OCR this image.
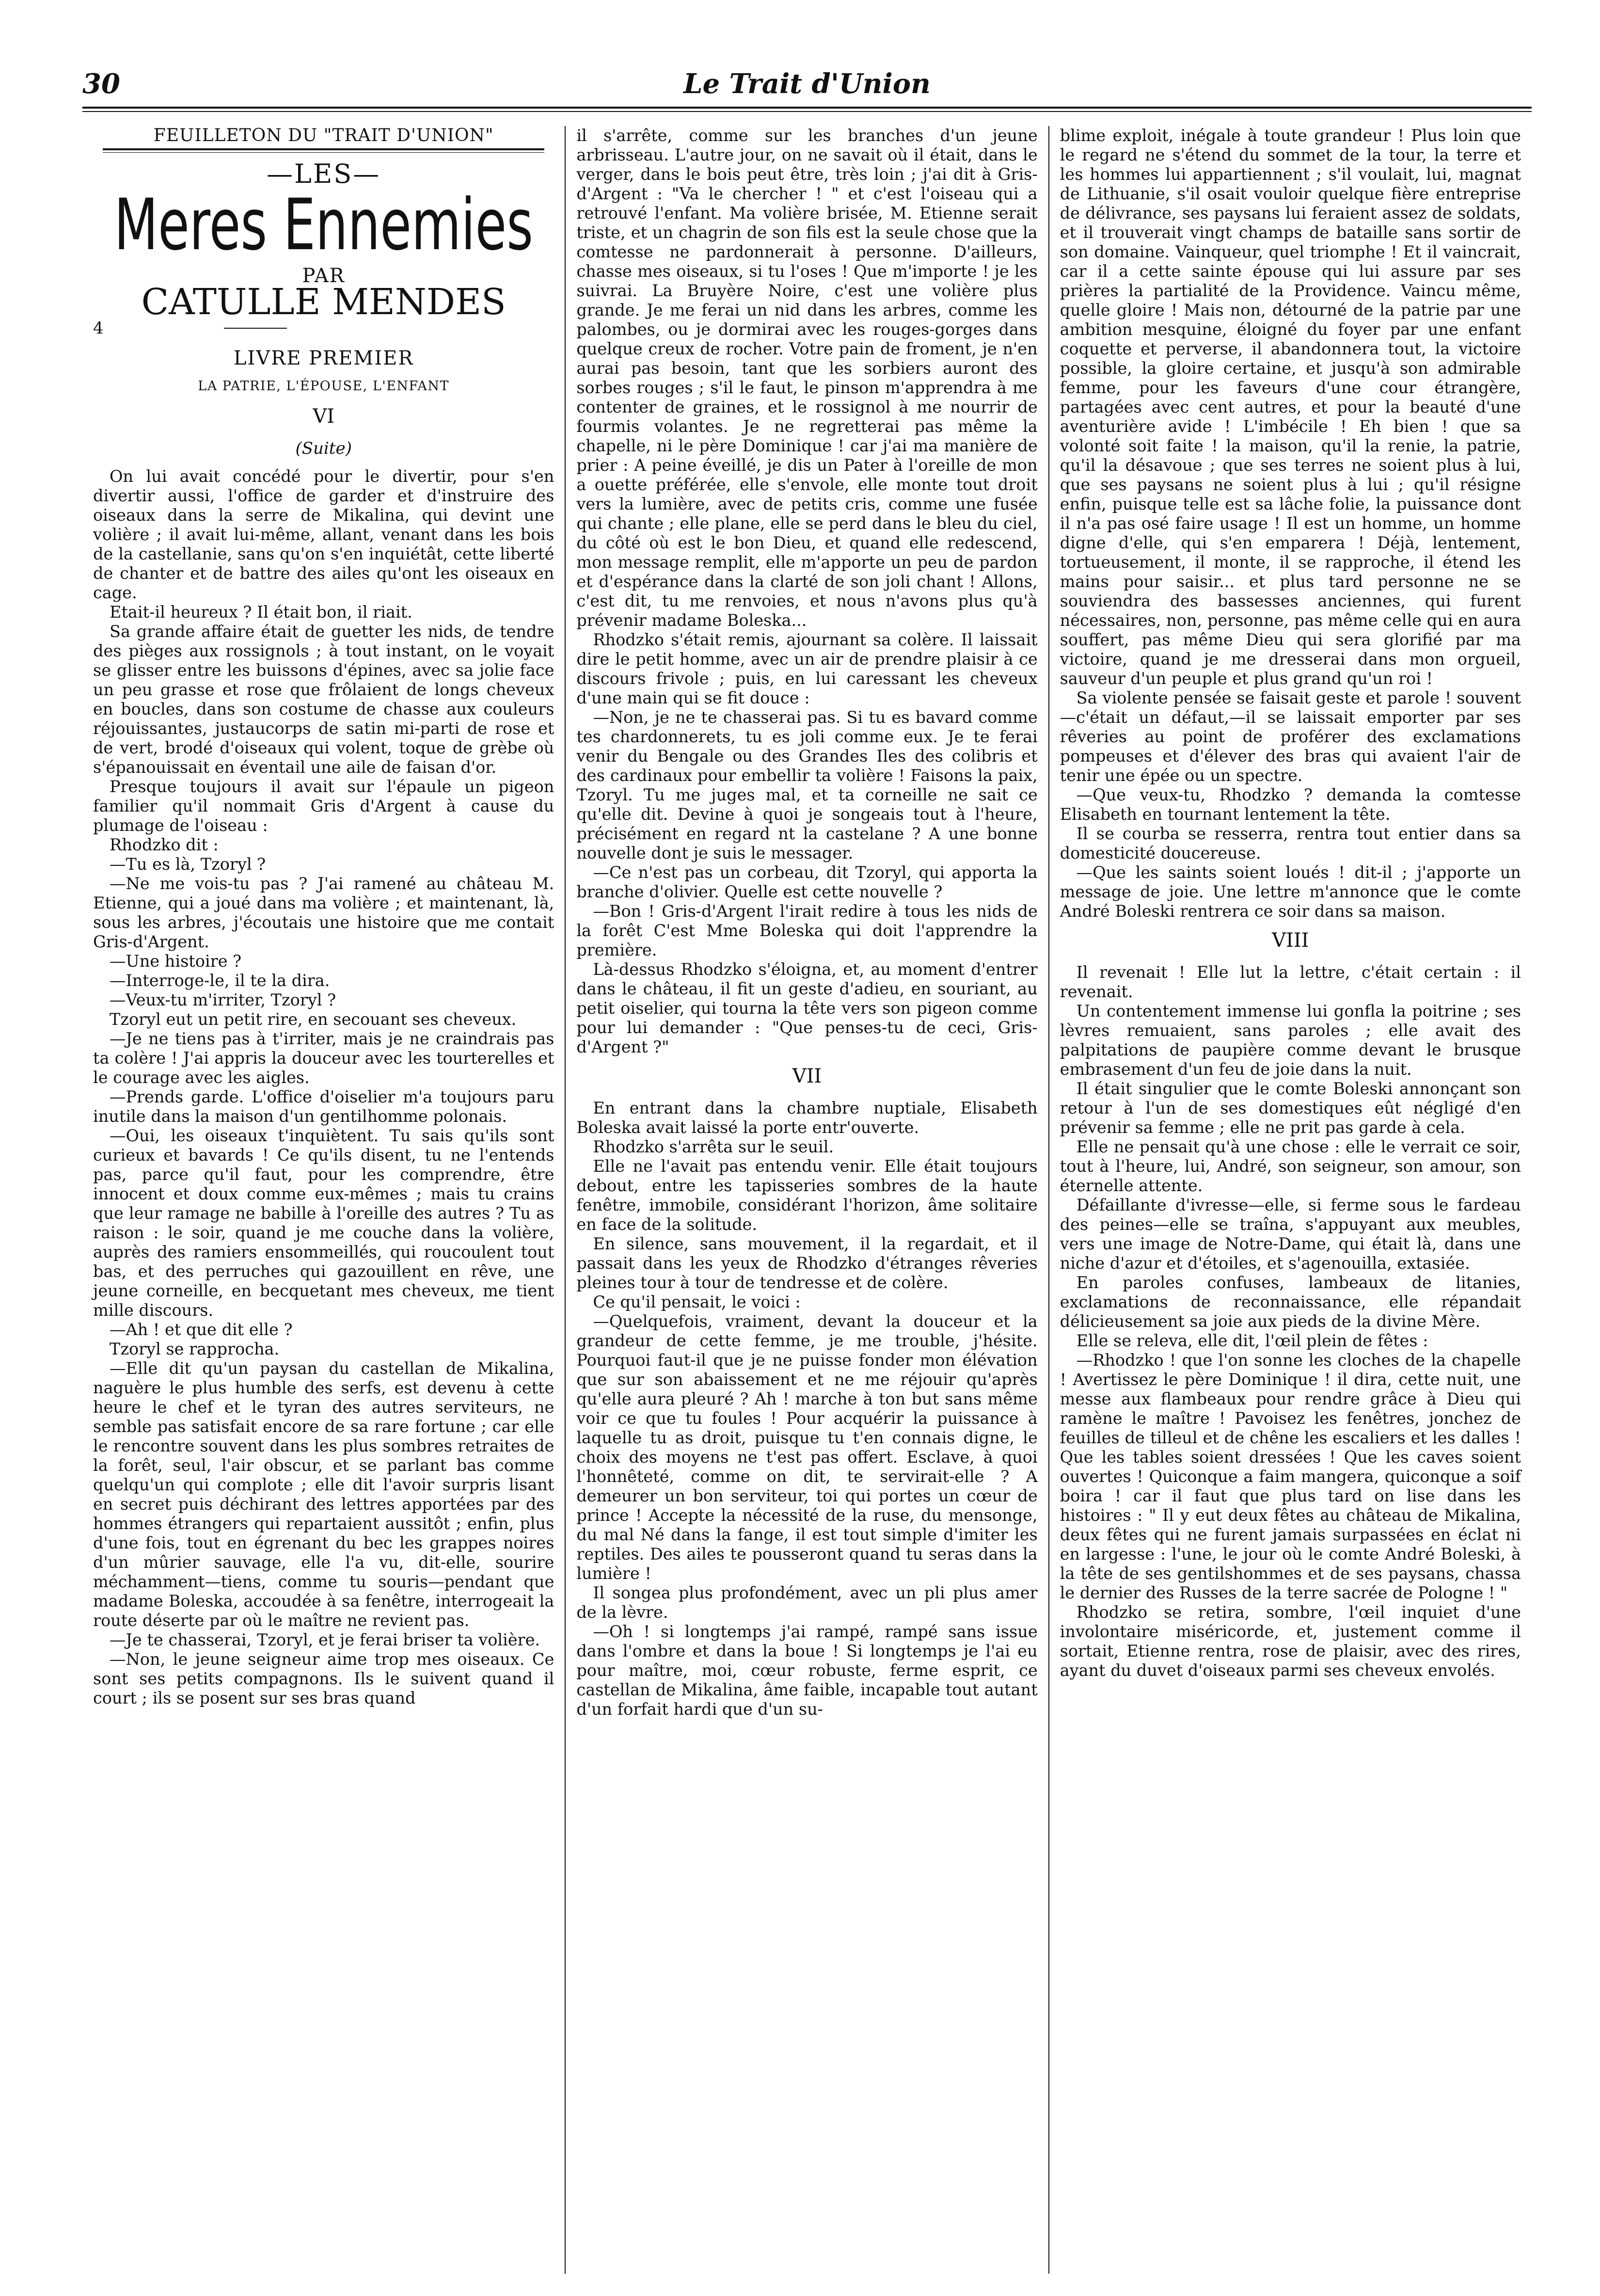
30	Le Trait d'Union
FEUILLETON DU "TRAIT D'UNION"
—LES—
Meres Ennemies
PAR
CATULLE MENDES
4
LIVRE PREMIER
LA PATRIE, L'ÉPOUSE, L'ENFANT
VI
(Suite)

On lui avait concédé pour le divertir, pour s'en divertir aussi, l'office de garder et d'instruire des oiseaux dans la serre de Mikalina, qui devint une volière ; il avait lui-même, allant, venant dans les bois de la castellanie, sans qu'on s'en inquiétât, cette liberté de chanter et de battre des ailes qu'ont les oiseaux en cage.

Etait-il heureux ? Il était bon, il riait.

Sa grande affaire était de guetter les nids, de tendre des pièges aux rossignols ; à tout instant, on le voyait se glisser entre les buissons d'épines, avec sa jolie face un peu grasse et rose que frôlaient de longs cheveux en boucles, dans son costume de chasse aux couleurs réjouissantes, justaucorps de satin mi-parti de rose et de vert, brodé d'oiseaux qui volent, toque de grèbe où s'épanouissait en éventail une aile de faisan d'or.

Presque toujours il avait sur l'épaule un pigeon familier qu'il nommait Gris d'Argent à cause du plumage de l'oiseau :

Rhodzko dit :

—Tu es là, Tzoryl ?

—Ne me vois-tu pas ? J'ai ramené au château M. Etienne, qui a joué dans ma volière ; et maintenant, là, sous les arbres, j'écoutais une histoire que me contait Gris-d'Argent.

—Une histoire ?

—Interroge-le, il te la dira.

—Veux-tu m'irriter, Tzoryl ?

Tzoryl eut un petit rire, en secouant ses cheveux.

—Je ne tiens pas à t'irriter, mais je ne craindrais pas ta colère ! J'ai appris la douceur avec les tourterelles et le courage avec les aigles.

—Prends garde. L'office d'oiselier m'a toujours paru inutile dans la maison d'un gentilhomme polonais.

—Oui, les oiseaux t'inquiètent. Tu sais qu'ils sont curieux et bavards ! Ce qu'ils disent, tu ne l'entends pas, parce qu'il faut, pour les comprendre, être innocent et doux comme eux-mêmes ; mais tu crains que leur ramage ne babille à l'oreille des autres ? Tu as raison : le soir, quand je me couche dans la volière, auprès des ramiers ensommeillés, qui roucoulent tout bas, et des perruches qui gazouillent en rêve, une jeune corneille, en becquetant mes cheveux, me tient mille discours.

—Ah ! et que dit elle ?

Tzoryl se rapprocha.

—Elle dit qu'un paysan du castellan de Mikalina, naguère le plus humble des serfs, est devenu à cette heure le chef et le tyran des autres serviteurs, ne semble pas satisfait encore de sa rare fortune ; car elle le rencontre souvent dans les plus sombres retraites de la forêt, seul, l'air obscur, et se parlant bas comme quelqu'un qui complote ; elle dit l'avoir surpris lisant en secret puis déchirant des lettres apportées par des hommes étrangers qui repartaient aussitôt ; enfin, plus d'une fois, tout en égrenant du bec les grappes noires d'un mûrier sauvage, elle l'a vu, dit-elle, sourire méchamment—tiens, comme tu souris—pendant que madame Boleska, accoudée à sa fenêtre, interrogeait la route déserte par où le maître ne revient pas.

—Je te chasserai, Tzoryl, et je ferai briser ta volière.

—Non, le jeune seigneur aime trop mes oiseaux. Ce sont ses petits compagnons. Ils le suivent quand il court ; ils se posent sur ses bras quand

il s'arrête, comme sur les branches d'un jeune arbrisseau. L'autre jour, on ne savait où il était, dans le verger, dans le bois peut être, très loin ; j'ai dit à Gris-d'Argent : "Va le chercher ! " et c'est l'oiseau qui a retrouvé l'enfant. Ma volière brisée, M. Etienne serait triste, et un chagrin de son fils est la seule chose que la comtesse ne pardonnerait à personne. D'ailleurs, chasse mes oiseaux, si tu l'oses ! Que m'importe ! je les suivrai. La Bruyère Noire, c'est une volière plus grande. Je me ferai un nid dans les arbres, comme les palombes, ou je dormirai avec les rouges-gorges dans quelque creux de rocher. Votre pain de froment, je n'en aurai pas besoin, tant que les sorbiers auront des sorbes rouges ; s'il le faut, le pinson m'apprendra à me contenter de graines, et le rossignol à me nourrir de fourmis volantes. Je ne regretterai pas même la chapelle, ni le père Dominique ! car j'ai ma manière de prier : A peine éveillé, je dis un Pater à l'oreille de mon a ouette préférée, elle s'envole, elle monte tout droit vers la lumière, avec de petits cris, comme une fusée qui chante ; elle plane, elle se perd dans le bleu du ciel, du côté où est le bon Dieu, et quand elle redescend, mon message remplit, elle m'apporte un peu de pardon et d'espérance dans la clarté de son joli chant ! Allons, c'est dit, tu me renvoies, et nous n'avons plus qu'à prévenir madame Boleska...

Rhodzko s'était remis, ajournant sa colère. Il laissait dire le petit homme, avec un air de prendre plaisir à ce discours frivole ; puis, en lui caressant les cheveux d'une main qui se fit douce :

—Non, je ne te chasserai pas. Si tu es bavard comme tes chardonnerets, tu es joli comme eux. Je te ferai venir du Bengale ou des Grandes Iles des colibris et des cardinaux pour embellir ta volière ! Faisons la paix, Tzoryl. Tu me juges mal, et ta corneille ne sait ce qu'elle dit. Devine à quoi je songeais tout à l'heure, précisément en regard nt la castelane ? A une bonne nouvelle dont je suis le messager.

—Ce n'est pas un corbeau, dit Tzoryl, qui apporta la branche d'olivier. Quelle est cette nouvelle ?

—Bon ! Gris-d'Argent l'irait redire à tous les nids de la forêt C'est Mme Boleska qui doit l'apprendre la première.

Là-dessus Rhodzko s'éloigna, et, au moment d'entrer dans le château, il fit un geste d'adieu, en souriant, au petit oiselier, qui tourna la tête vers son pigeon comme pour lui demander : "Que penses-tu de ceci, Gris-d'Argent ?"

VII

En entrant dans la chambre nuptiale, Elisabeth Boleska avait laissé la porte entr'ouverte.

Rhodzko s'arrêta sur le seuil.

Elle ne l'avait pas entendu venir. Elle était toujours debout, entre les tapisseries sombres de la haute fenêtre, immobile, considérant l'horizon, âme solitaire en face de la solitude.

En silence, sans mouvement, il la regardait, et il passait dans les yeux de Rhodzko d'étranges rêveries pleines tour à tour de tendresse et de colère.

Ce qu'il pensait, le voici :

—Quelquefois, vraiment, devant la douceur et la grandeur de cette femme, je me trouble, j'hésite. Pourquoi faut-il que je ne puisse fonder mon élévation que sur son abaissement et ne me réjouir qu'après qu'elle aura pleuré ? Ah ! marche à ton but sans même voir ce que tu foules ! Pour acquérir la puissance à laquelle tu as droit, puisque tu t'en connais digne, le choix des moyens ne t'est pas offert. Esclave, à quoi l'honnêteté, comme on dit, te servirait-elle ? A demeurer un bon serviteur, toi qui portes un cœur de prince ! Accepte la nécessité de la ruse, du mensonge, du mal Né dans la fange, il est tout simple d'imiter les reptiles. Des ailes te pousseront quand tu seras dans la lumière !

Il songea plus profondément, avec un pli plus amer de la lèvre.

—Oh ! si longtemps j'ai rampé, rampé sans issue dans l'ombre et dans la boue ! Si longtemps je l'ai eu pour maître, moi, cœur robuste, ferme esprit, ce castellan de Mikalina, âme faible, incapable tout autant d'un forfait hardi que d'un su-

blime exploit, inégale à toute grandeur ! Plus loin que le regard ne s'étend du sommet de la tour, la terre et les hommes lui appartiennent ; s'il voulait, lui, magnat de Lithuanie, s'il osait vouloir quelque fière entreprise de délivrance, ses paysans lui feraient assez de soldats, et il trouverait vingt champs de bataille sans sortir de son domaine. Vainqueur, quel triomphe ! Et il vaincrait, car il a cette sainte épouse qui lui assure par ses prières la partialité de la Providence. Vaincu même, quelle gloire ! Mais non, détourné de la patrie par une ambition mesquine, éloigné du foyer par une enfant coquette et perverse, il abandonnera tout, la victoire possible, la gloire certaine, et jusqu'à son admirable femme, pour les faveurs d'une cour étrangère, partagées avec cent autres, et pour la beauté d'une aventurière avide ! L'imbécile ! Eh bien ! que sa volonté soit faite ! la maison, qu'il la renie, la patrie, qu'il la désavoue ; que ses terres ne soient plus à lui, que ses paysans ne soient plus à lui ; qu'il résigne enfin, puisque telle est sa lâche folie, la puissance dont il n'a pas osé faire usage ! Il est un homme, un homme digne d'elle, qui s'en emparera ! Déjà, lentement, tortueusement, il monte, il se rapproche, il étend les mains pour saisir... et plus tard personne ne se souviendra des bassesses anciennes, qui furent nécessaires, non, personne, pas même celle qui en aura souffert, pas même Dieu qui sera glorifié par ma victoire, quand je me dresserai dans mon orgueil, sauveur d'un peuple et plus grand qu'un roi !

Sa violente pensée se faisait geste et parole ! souvent—c'était un défaut,—il se laissait emporter par ses rêveries au point de proférer des exclamations pompeuses et d'élever des bras qui avaient l'air de tenir une épée ou un spectre.

—Que veux-tu, Rhodzko ? demanda la comtesse Elisabeth en tournant lentement la tête.

Il se courba se resserra, rentra tout entier dans sa domesticité doucereuse.

—Que les saints soient loués ! dit-il ; j'apporte un message de joie. Une lettre m'annonce que le comte André Boleski rentrera ce soir dans sa maison.

VIII

Il revenait ! Elle lut la lettre, c'était certain : il revenait.

Un contentement immense lui gonfla la poitrine ; ses lèvres remuaient, sans paroles ; elle avait des palpitations de paupière comme devant le brusque embrasement d'un feu de joie dans la nuit.

Il était singulier que le comte Boleski annonçant son retour à l'un de ses domestiques eût négligé d'en prévenir sa femme ; elle ne prit pas garde à cela.

Elle ne pensait qu'à une chose : elle le verrait ce soir, tout à l'heure, lui, André, son seigneur, son amour, son éternelle attente.

Défaillante d'ivresse—elle, si ferme sous le fardeau des peines—elle se traîna, s'appuyant aux meubles, vers une image de Notre-Dame, qui était là, dans une niche d'azur et d'étoiles, et s'agenouilla, extasiée.

En paroles confuses, lambeaux de litanies, exclamations de reconnaissance, elle répandait délicieusement sa joie aux pieds de la divine Mère.

Elle se releva, elle dit, l'œil plein de fêtes :

—Rhodzko ! que l'on sonne les cloches de la chapelle ! Avertissez le père Dominique ! il dira, cette nuit, une messe aux flambeaux pour rendre grâce à Dieu qui ramène le maître ! Pavoisez les fenêtres, jonchez de feuilles de tilleul et de chêne les escaliers et les dalles ! Que les tables soient dressées ! Que les caves soient ouvertes ! Quiconque a faim mangera, quiconque a soif boira ! car il faut que plus tard on lise dans les histoires : " Il y eut deux fêtes au château de Mikalina, deux fêtes qui ne furent jamais surpassées en éclat ni en largesse : l'une, le jour où le comte André Boleski, à la tête de ses gentilshommes et de ses paysans, chassa le dernier des Russes de la terre sacrée de Pologne ! "

Rhodzko se retira, sombre, l'œil inquiet d'une involontaire miséricorde, et, justement comme il sortait, Etienne rentra, rose de plaisir, avec des rires, ayant du duvet d'oiseaux parmi ses cheveux envolés.
